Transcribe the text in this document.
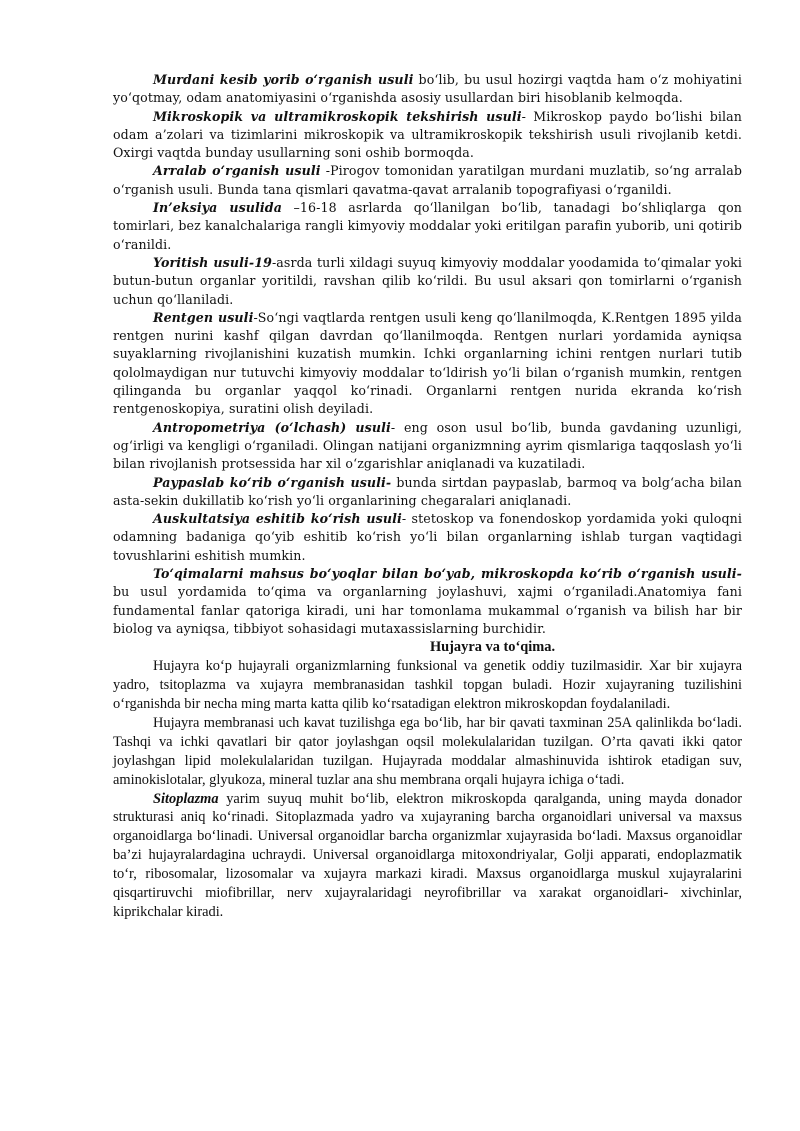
Murdani kesib yorib o‘rganish usuli bo‘lib, bu usul hozirgi vaqtda ham o‘z mohiyatini yo‘qotmay, odam anatomiyasini o‘rganishda asosiy usullardan biri hisoblanib kelmoqda.

Mikroskopik va ultramikroskopik tekshirish usuli- Mikroskop paydo bo‘lishi bilan odam a’zolari va tizimlarini mikroskopik va ultramikroskopik tekshirish usuli rivojlanib ketdi. Oxirgi vaqtda bunday usullarning soni oshib bormoqda.

Arralab o‘rganish usuli -Pirogov tomonidan yaratilgan murdani muzlatib, so‘ng arralab o‘rganish usuli. Bunda tana qismlari qavatma-qavat arralanib topografiyasi o‘rganildi.

In’eksiya usulida –16-18 asrlarda qo‘llanilgan bo‘lib, tanadagi bo‘shliqlarga qon tomirlari, bez kanalchalariga rangli kimyoviy moddalar yoki eritilgan parafin yuborib, uni qotirib o‘ranildi.

Yoritish usuli-19-asrda turli xildagi suyuq kimyoviy moddalar yoodamida to‘qimalar yoki butun-butun organlar yoritildi, ravshan qilib ko‘rildi. Bu usul aksari qon tomirlarni o‘rganish uchun qo‘llaniladi.

Rentgen usuli-So‘ngi vaqtlarda rentgen usuli keng qo‘llanilmoqda, K.Rentgen 1895 yilda rentgen nurini kashf qilgan davrdan qo‘llanilmoqda. Rentgen nurlari yordamida ayniqsa suyaklarning rivojlanishini kuzatish mumkin. Ichki organlarning ichini rentgen nurlari tutib qololmaydigan nur tutuvchi kimyoviy moddalar to‘ldirish yo‘li bilan o‘rganish mumkin, rentgen qilinganda bu organlar yaqqol ko‘rinadi. Organlarni rentgen nurida ekranda ko‘rish rentgenoskopiya, suratini olish deyiladi.

Antropometriya (o‘lchash) usuli- eng oson usul bo‘lib, bunda gavdaning uzunligi, og‘irligi va kengligi o‘rganiladi. Olingan natijani organizmning ayrim qismlariga taqqoslash yo‘li bilan rivojlanish protsessida har xil o‘zgarishlar aniqlanadi va kuzatiladi.

Paypaslab ko‘rib o‘rganish usuli- bunda sirtdan paypaslab, barmoq va bolg‘acha bilan asta-sekin dukillatib ko‘rish yo‘li organlarining chegaralari aniqlanadi.

Auskultatsiya eshitib ko‘rish usuli- stetoskop va fonendoskop yordamida yoki quloqni odamning badaniga qo‘yib eshitib ko‘rish yo‘li bilan organlarning ishlab turgan vaqtidagi tovushlarini eshitish mumkin.

To‘qimalarni mahsus bo‘yoqlar bilan bo‘yab, mikroskopda ko‘rib o‘rganish usuli- bu usul yordamida to‘qima va organlarning joylashuvi, xajmi o‘rganiladi.Anatomiya fani fundamental fanlar qatoriga kiradi, uni har tomonlama mukammal o‘rganish va bilish har bir biolog va ayniqsa, tibbiyot sohasidagi mutaxassislarning burchidir.

Hujayra va to‘qima.

Hujayra ko‘p hujayrali organizmlarning funksional va genetik oddiy tuzilmasidir. Xar bir xujayra yadro, tsitoplazma va xujayra membranasidan tashkil topgan buladi. Hozir xujayraning tuzilishini o‘rganishda bir necha ming marta katta qilib ko‘rsatadigan elektron mikroskopdan foydalaniladi.

Hujayra membranasi uch kavat tuzilishga ega bo‘lib, har bir qavati taxminan 25A qalinlikda bo‘ladi. Tashqi va ichki qavatlari bir qator joylashgan oqsil molekulalaridan tuzilgan. O’rta qavati ikki qator joylashgan lipid molekulalaridan tuzilgan. Hujayrada moddalar almashinuvida ishtirok etadigan suv, aminokislotalar, glyukoza, mineral tuzlar ana shu membrana orqali hujayra ichiga o‘tadi.

Sitoplazma yarim suyuq muhit bo‘lib, elektron mikroskopda qaralganda, uning mayda donador strukturasi aniq ko‘rinadi. Sitoplazmada yadro va xujayraning barcha organoidlari universal va maxsus organoidlarga bo‘linadi. Universal organoidlar barcha organizmlar xujayrasida bo‘ladi. Maxsus organoidlar ba’zi hujayralardagina uchraydi. Universal organoidlarga mitoxondriyalar, Golji apparati, endoplazmatik to‘r, ribosomalar, lizosomalar va xujayra markazi kiradi. Maxsus organoidlarga muskul xujayralarini qisqartiruvchi miofibrillar, nerv xujayralaridagi neyrofibrillar va xarakat organoidlari- xivchinlar, kiprikchalar kiradi.
